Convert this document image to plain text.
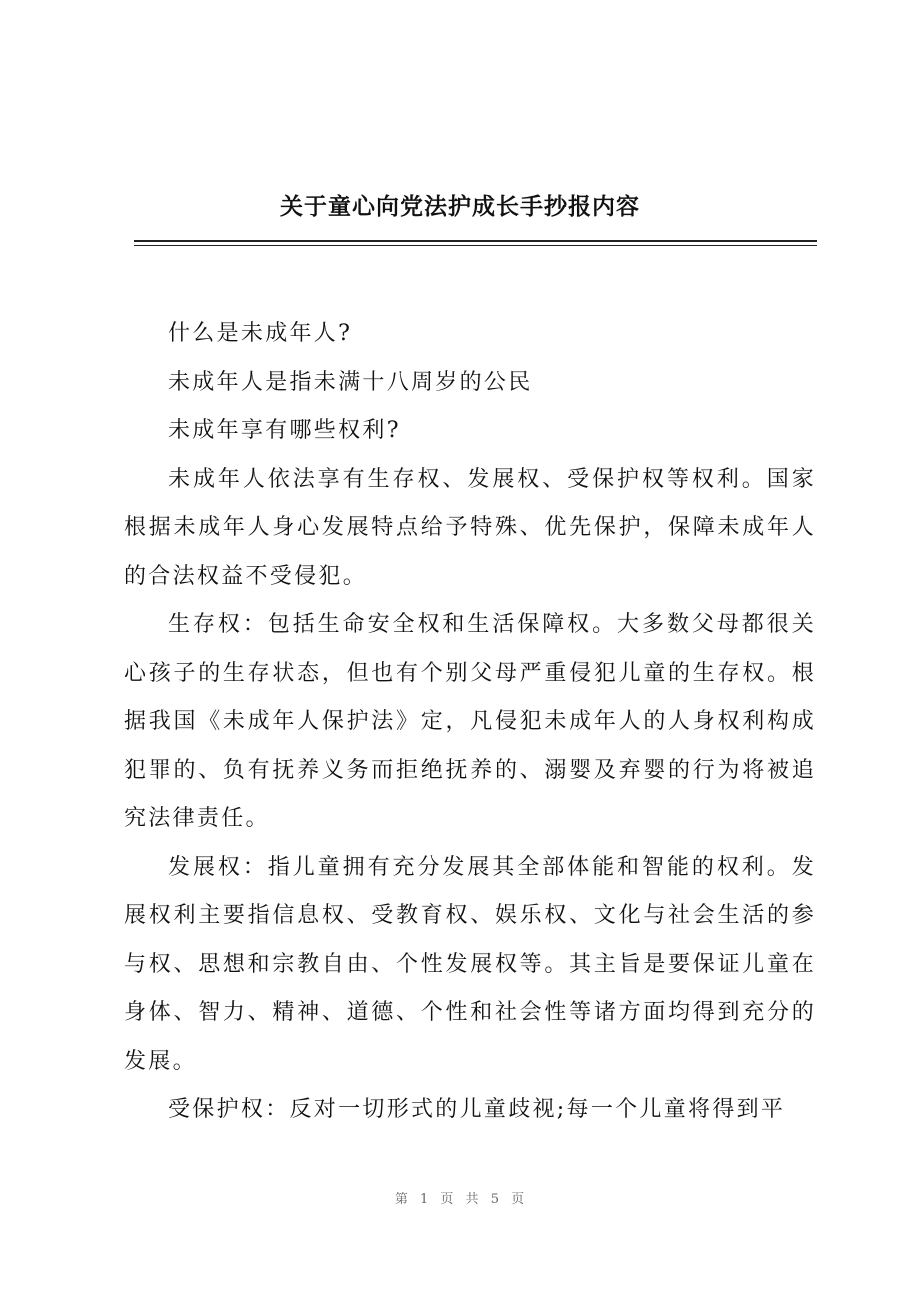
关于童心向党法护成长手抄报内容

什么是未成年人?

未成年人是指未满十八周岁的公民

未成年享有哪些权利?

未成年人依法享有生存权、发展权、受保护权等权利。国家根据未成年人身心发展特点给予特殊、优先保护，保障未成年人的合法权益不受侵犯。

生存权：包括生命安全权和生活保障权。大多数父母都很关心孩子的生存状态，但也有个别父母严重侵犯儿童的生存权。根据我国《未成年人保护法》定，凡侵犯未成年人的人身权利构成犯罪的、负有抚养义务而拒绝抚养的、溺婴及弃婴的行为将被追究法律责任。

发展权：指儿童拥有充分发展其全部体能和智能的权利。发展权利主要指信息权、受教育权、娱乐权、文化与社会生活的参与权、思想和宗教自由、个性发展权等。其主旨是要保证儿童在身体、智力、精神、道德、个性和社会性等诸方面均得到充分的发展。

受保护权：反对一切形式的儿童歧视;每一个儿童将得到平

第 1 页 共 5 页
